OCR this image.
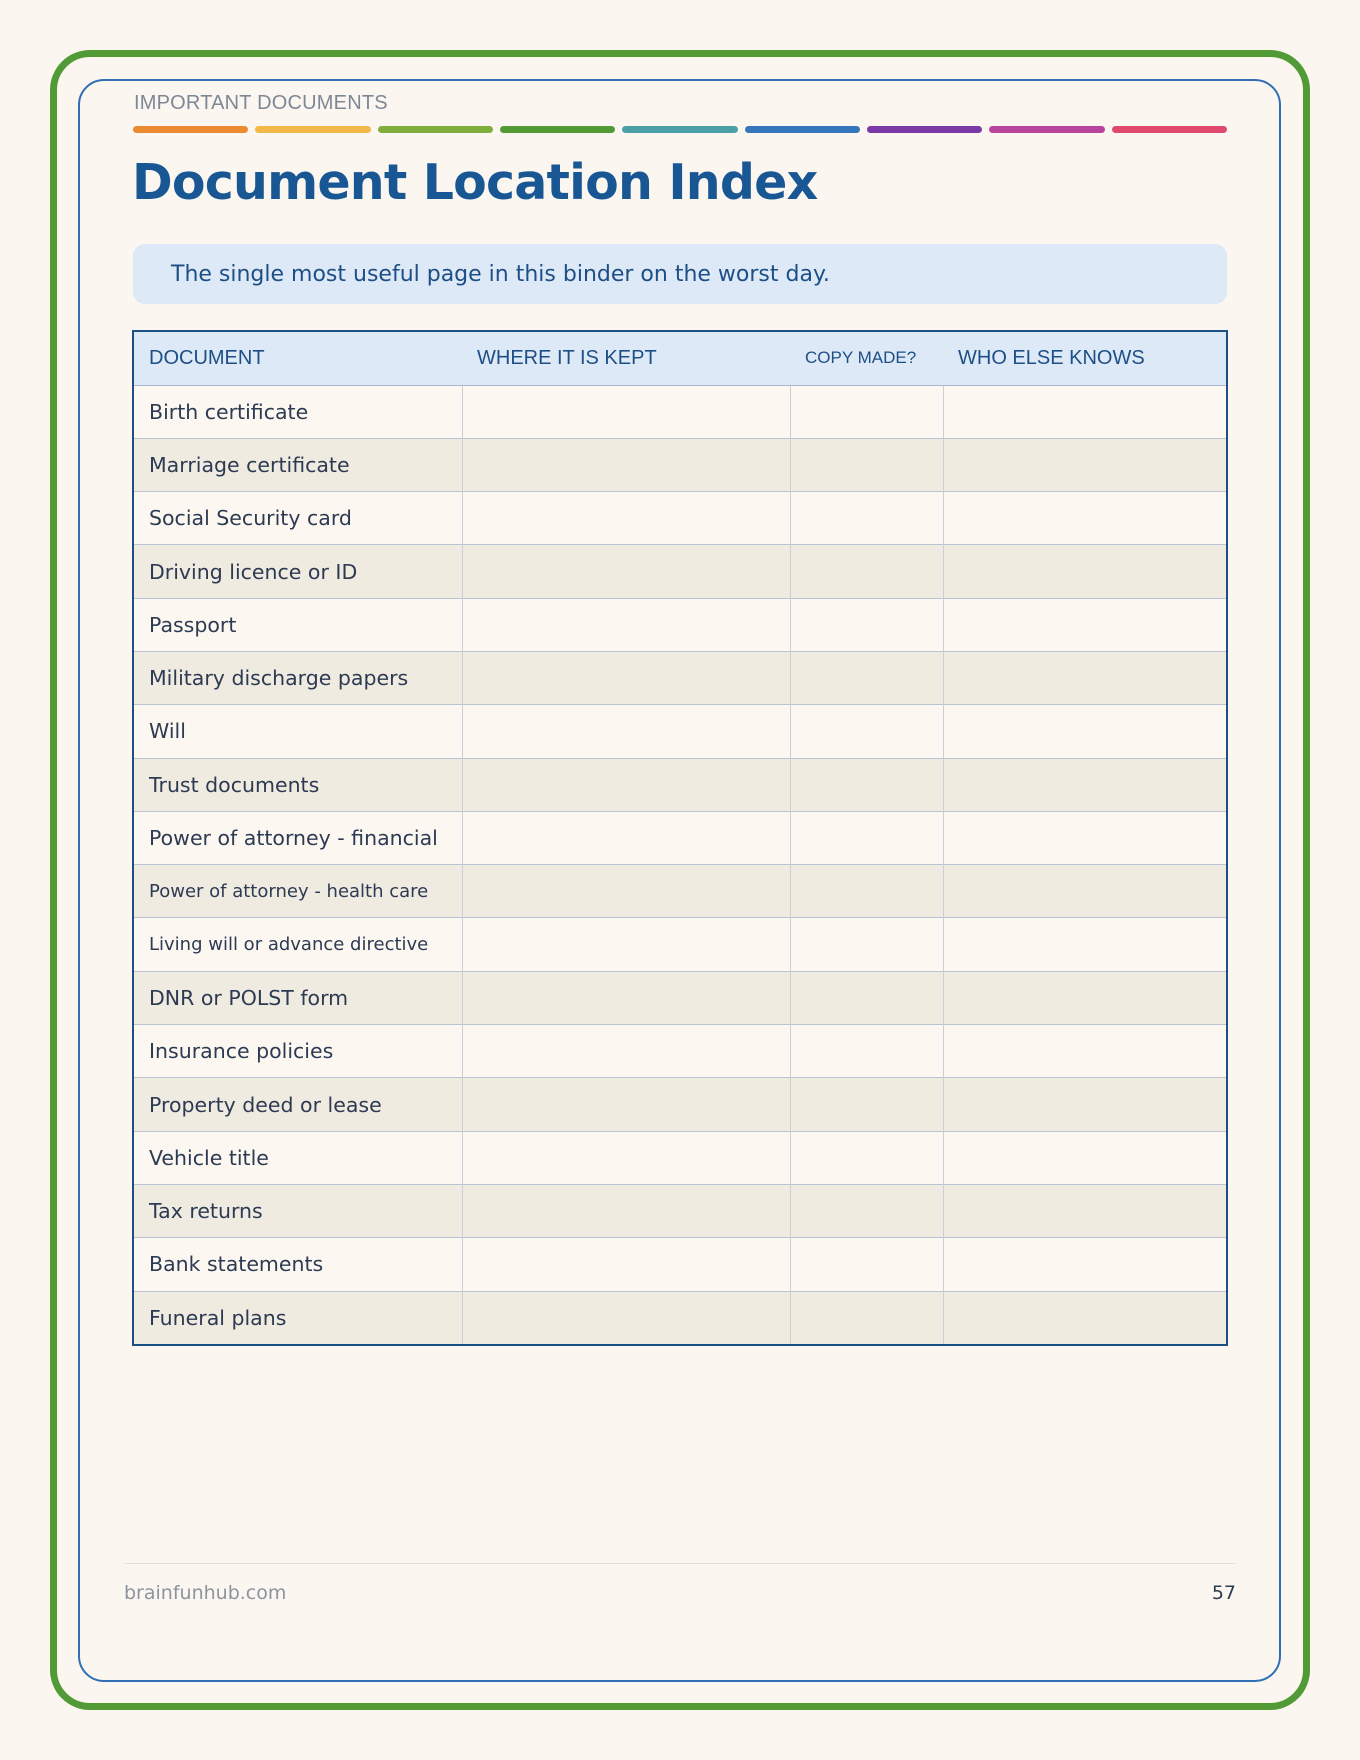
IMPORTANT DOCUMENTS
Document Location Index
The single most useful page in this binder on the worst day.
DOCUMENT	WHERE IT IS KEPT	COPY MADE?	WHO ELSE KNOWS
Birth certificate			
Marriage certificate			
Social Security card			
Driving licence or ID			
Passport			
Military discharge papers			
Will			
Trust documents			
Power of attorney - financial			
Power of attorney - health care			
Living will or advance directive			
DNR or POLST form			
Insurance policies			
Property deed or lease			
Vehicle title			
Tax returns			
Bank statements			
Funeral plans			
brainfunhub.com	57
